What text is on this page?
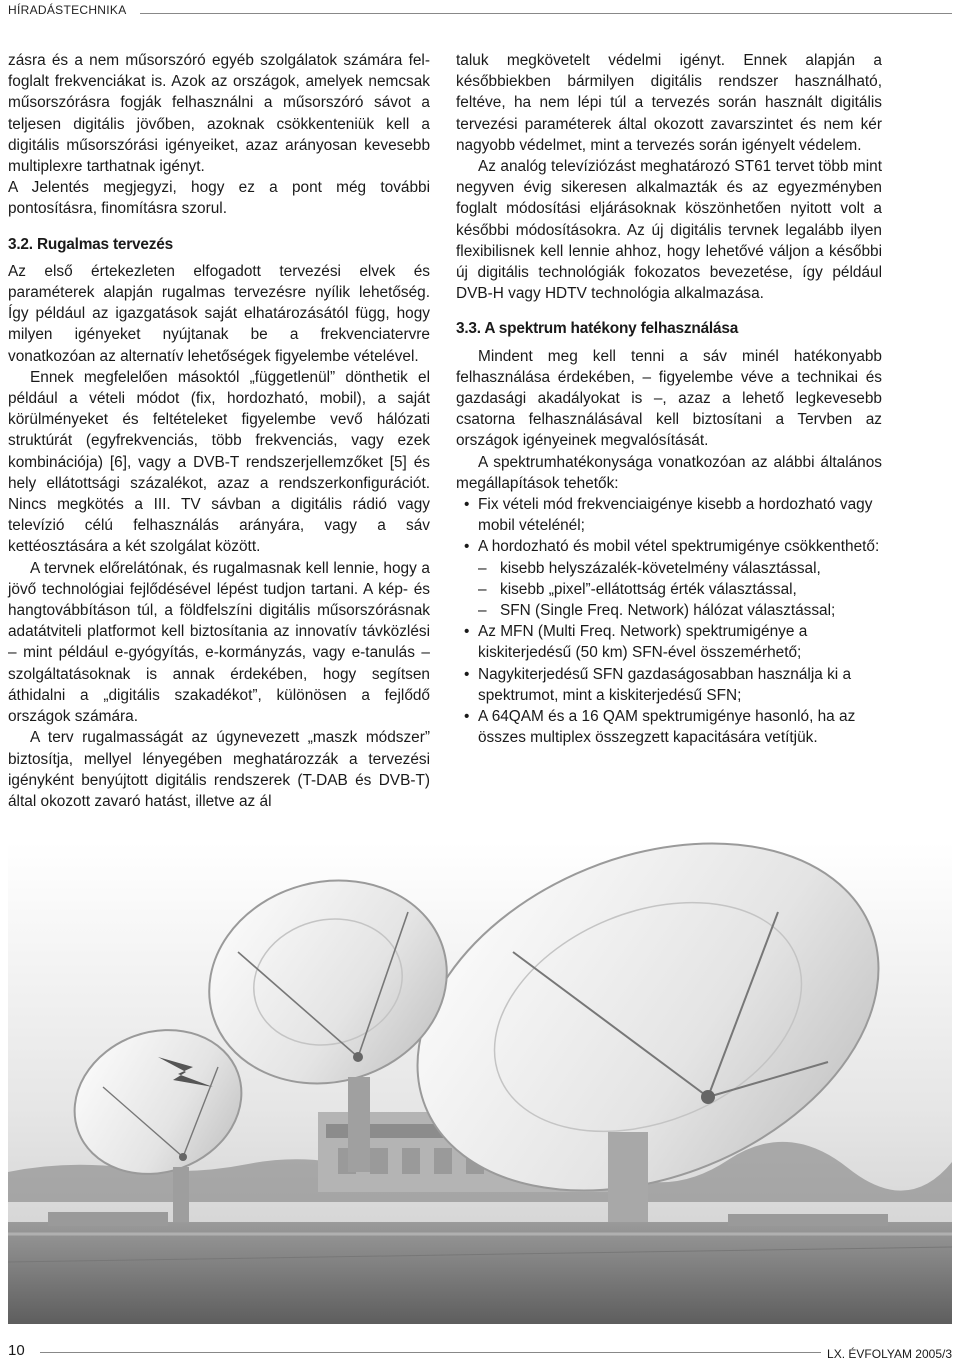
HÍRADÁSTECHNIKA

zásra és a nem műsorszóró egyéb szolgálatok számára felfoglalt frekvenciákat is. Azok az országok, amelyek nemcsak műsorszórásra fogják felhasználni a műsorszóró sávot a teljesen digitális jövőben, azoknak csökkenteniük kell a digitális műsorszórási igényeiket, azaz arányosan kevesebb multiplexre tarthatnak igényt.

A Jelentés megjegyzi, hogy ez a pont még további pontosításra, finomításra szorul.

3.2. Rugalmas tervezés

Az első értekezleten elfogadott tervezési elvek és paraméterek alapján rugalmas tervezésre nyílik lehetőség. Így például az igazgatások saját elhatározásától függ, hogy milyen igényeket nyújtanak be a frekvenciatervre vonatkozóan az alternatív lehetőségek figyelembe vételével.

Ennek megfelelően másoktól „függetlenül” dönthetik el például a vételi módot (fix, hordozható, mobil), a saját körülményeket és feltételeket figyelembe vevő hálózati struktúrát (egyfrekvenciás, több frekvenciás, vagy ezek kombinációja) [6], vagy a DVB-T rendszerjellemzőket [5] és hely ellátottsági százalékot, azaz a rendszerkonfigurációt. Nincs megkötés a III. TV sávban a digitális rádió vagy televízió célú felhasználás arányára, vagy a sáv kettéosztására a két szolgálat között.

A tervnek előrelátónak, és rugalmasnak kell lennie, hogy a jövő technológiai fejlődésével lépést tudjon tartani. A kép- és hangtovábbításon túl, a földfelszíni digitális műsorszórásnak adatátviteli platformot kell biztosítania az innovatív távközlési – mint például e-gyógyítás, e-kormányzás, vagy e-tanulás – szolgáltatásoknak is annak érdekében, hogy segítsen áthidalni a „digitális szakadékot”, különösen a fejlődő országok számára.

A terv rugalmasságát az úgynevezett „maszk módszer” biztosítja, mellyel lényegében meghatározzák a tervezési igényként benyújtott digitális rendszerek (T-DAB és DVB-T) által okozott zavaró hatást, illetve az ál

taluk megkövetelt védelmi igényt. Ennek alapján a későbbiekben bármilyen digitális rendszer használható, feltéve, ha nem lépi túl a tervezés során használt digitális tervezési paraméterek által okozott zavarszintet és nem kér nagyobb védelmet, mint a tervezés során igényelt védelem.

Az analóg televíziózást meghatározó ST61 tervet több mint negyven évig sikeresen alkalmazták és az egyezményben foglalt módosítási eljárásoknak köszönhetően nyitott volt a későbbi módosításokra. Az új digitális tervnek legalább ilyen flexibilisnek kell lennie ahhoz, hogy lehetővé váljon a későbbi új digitális technológiák fokozatos bevezetése, így például DVB-H vagy HDTV technológia alkalmazása.

3.3. A spektrum hatékony felhasználása

Mindent meg kell tenni a sáv minél hatékonyabb felhasználása érdekében, – figyelembe véve a technikai és gazdasági akadályokat is –, azaz a lehető legkevesebb csatorna felhasználásával kell biztosítani a Tervben az országok igényeinek megvalósítását.

A spektrumhatékonysága vonatkozóan az alábbi általános megállapítások tehetők:

• Fix vételi mód frekvenciaigénye kisebb a hordozható vagy mobil vételénél;
• A hordozható és mobil vétel spektrumigénye csökkenthető:
– kisebb helyszázalék-követelmény választással,
– kisebb „pixel”-ellátottság érték választással,
– SFN (Single Freq. Network) hálózat választással;
• Az MFN (Multi Freq. Network) spektrumigénye a kiskiterjedésű (50 km) SFN-ével összemérhető;
• Nagykiterjedésű SFN gazdaságosabban használja ki a spektrumot, mint a kiskiterjedésű SFN;
• A 64QAM és a 16 QAM spektrumigénye hasonló, ha az összes multiplex összegzett kapacitására vetítjük.
10	LX. ÉVFOLYAM 2005/3
